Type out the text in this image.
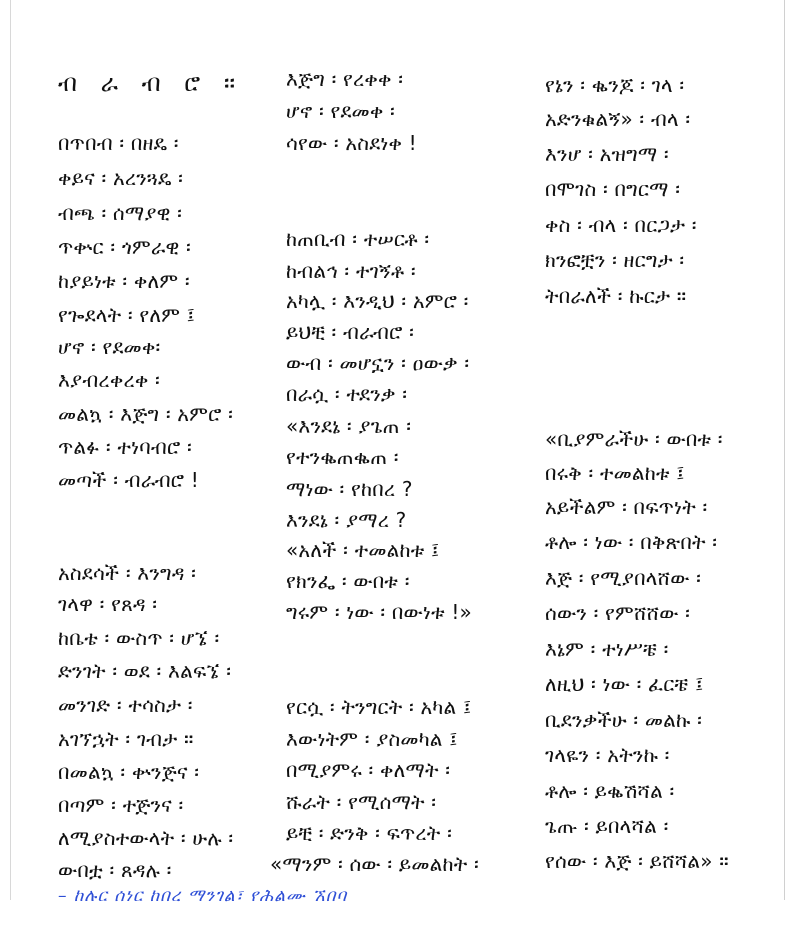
ብ ራ ብ ሮ ።
በጥበብ ፡ በዘዴ ፡
ቀይና ፡ አረንጓዴ ፡
ብጫ ፡ ሰማያዊ ፡
ጥቍር ፡ ጎምራዊ ፡
ከያይነቱ ፡ ቀለም ፡
የጐደላት ፡ የለም ፤
ሆኖ ፡ የደመቀ፡
እያብረቀረቀ ፡
መልኳ ፡ እጅግ ፡ አምሮ ፡
ጥልፉ ፡ ተነባብሮ ፡
መጣች ፡ ብራብሮ !
አስደሳች ፡ እንግዳ ፡
ገላዋ ፡ የጸዳ ፡
ከቤቴ ፡ ውስጥ ፡ ሆኜ ፡
ድንገት ፡ ወደ ፡ እልፍኜ ፡
መንገድ ፡ ተሳስታ ፡
አገኘኋት ፡ ገብታ ።
በመልኳ ፡ ቍንጅና ፡
በጣም ፡ ተጅንና ፡
ለሚያስተውላት ፡ ሁሉ ፡
ውበቷ ፡ ጸዳሉ ፡
እጅግ ፡ የረቀቀ ፡
ሆኖ ፡ የደመቀ ፡
ሳየው ፡ አስደነቀ !
ከጠቢብ ፡ ተሠርቶ ፡
ከብልኅ ፡ ተገኝቶ ፡
አካሏ ፡ እንዲህ ፡ አምሮ ፡
ይህቺ ፡ ብራብሮ ፡
ውብ ፡ መሆኗን ፡ ዐውቃ ፡
በራሷ ፡ ተደንቃ ፡
«እንደኔ ፡ ያጌጠ ፡
የተንቈጠቈጠ ፡
ማነው ፡ የከበረ ?
እንደኔ ፡ ያማረ ?
«አለች ፡ ተመልከቱ ፤
የክንፌ ፡ ውበቱ ፡
ግሩም ፡ ነው ፡ በውነቱ !»
የርሷ ፡ ትንግርት ፡ አካል ፤
እውነትም ፡ ያስመካል ፤
በሚያምሩ ፡ ቀለማት ፡
ሹራት ፡ የሚሰማት ፡
ይቺ ፡ ድንቅ ፡ ፍጥረት ፡
«ማንም ፡ ሰው ፡ ይመልከት ፡
የኔን ፡ ቈንጆ ፡ ገላ ፡
አድንቁልኝ» ፡ ብላ ፡
እንሆ ፡ አዝግማ ፡
በሞገስ ፡ በግርማ ፡
ቀስ ፡ ብላ ፡ በርጋታ ፡
ክንፎቿን ፡ ዘርግታ ፡
ትበራለች ፡ ኩርታ ።
«ቢያምራችሁ ፡ ውበቱ ፡
በሩቅ ፡ ተመልከቱ ፤
አይችልም ፡ በፍጥነት ፡
ቶሎ ፡ ነው ፡ በቅጽበት ፡
እጅ ፡ የሚያበላሸው ፡
ሰውን ፡ የምሸሸው ፡
እኔም ፡ ተነሥቼ ፡
ለዚህ ፡ ነው ፡ ፈርቼ ፤
ቢደንቃችሁ ፡ መልኩ ፡
ገላዬን ፡ አትንኩ ፡
ቶሎ ፡ ይቈሽሻል ፡
ጌጡ ፡ ይበላሻል ፡
የሰው ፡ እጅ ፡ ይሸሻል» ።
– ከሉር ሰነር ከበረ ማንገል፣ የሕልሙ ኧበባ
